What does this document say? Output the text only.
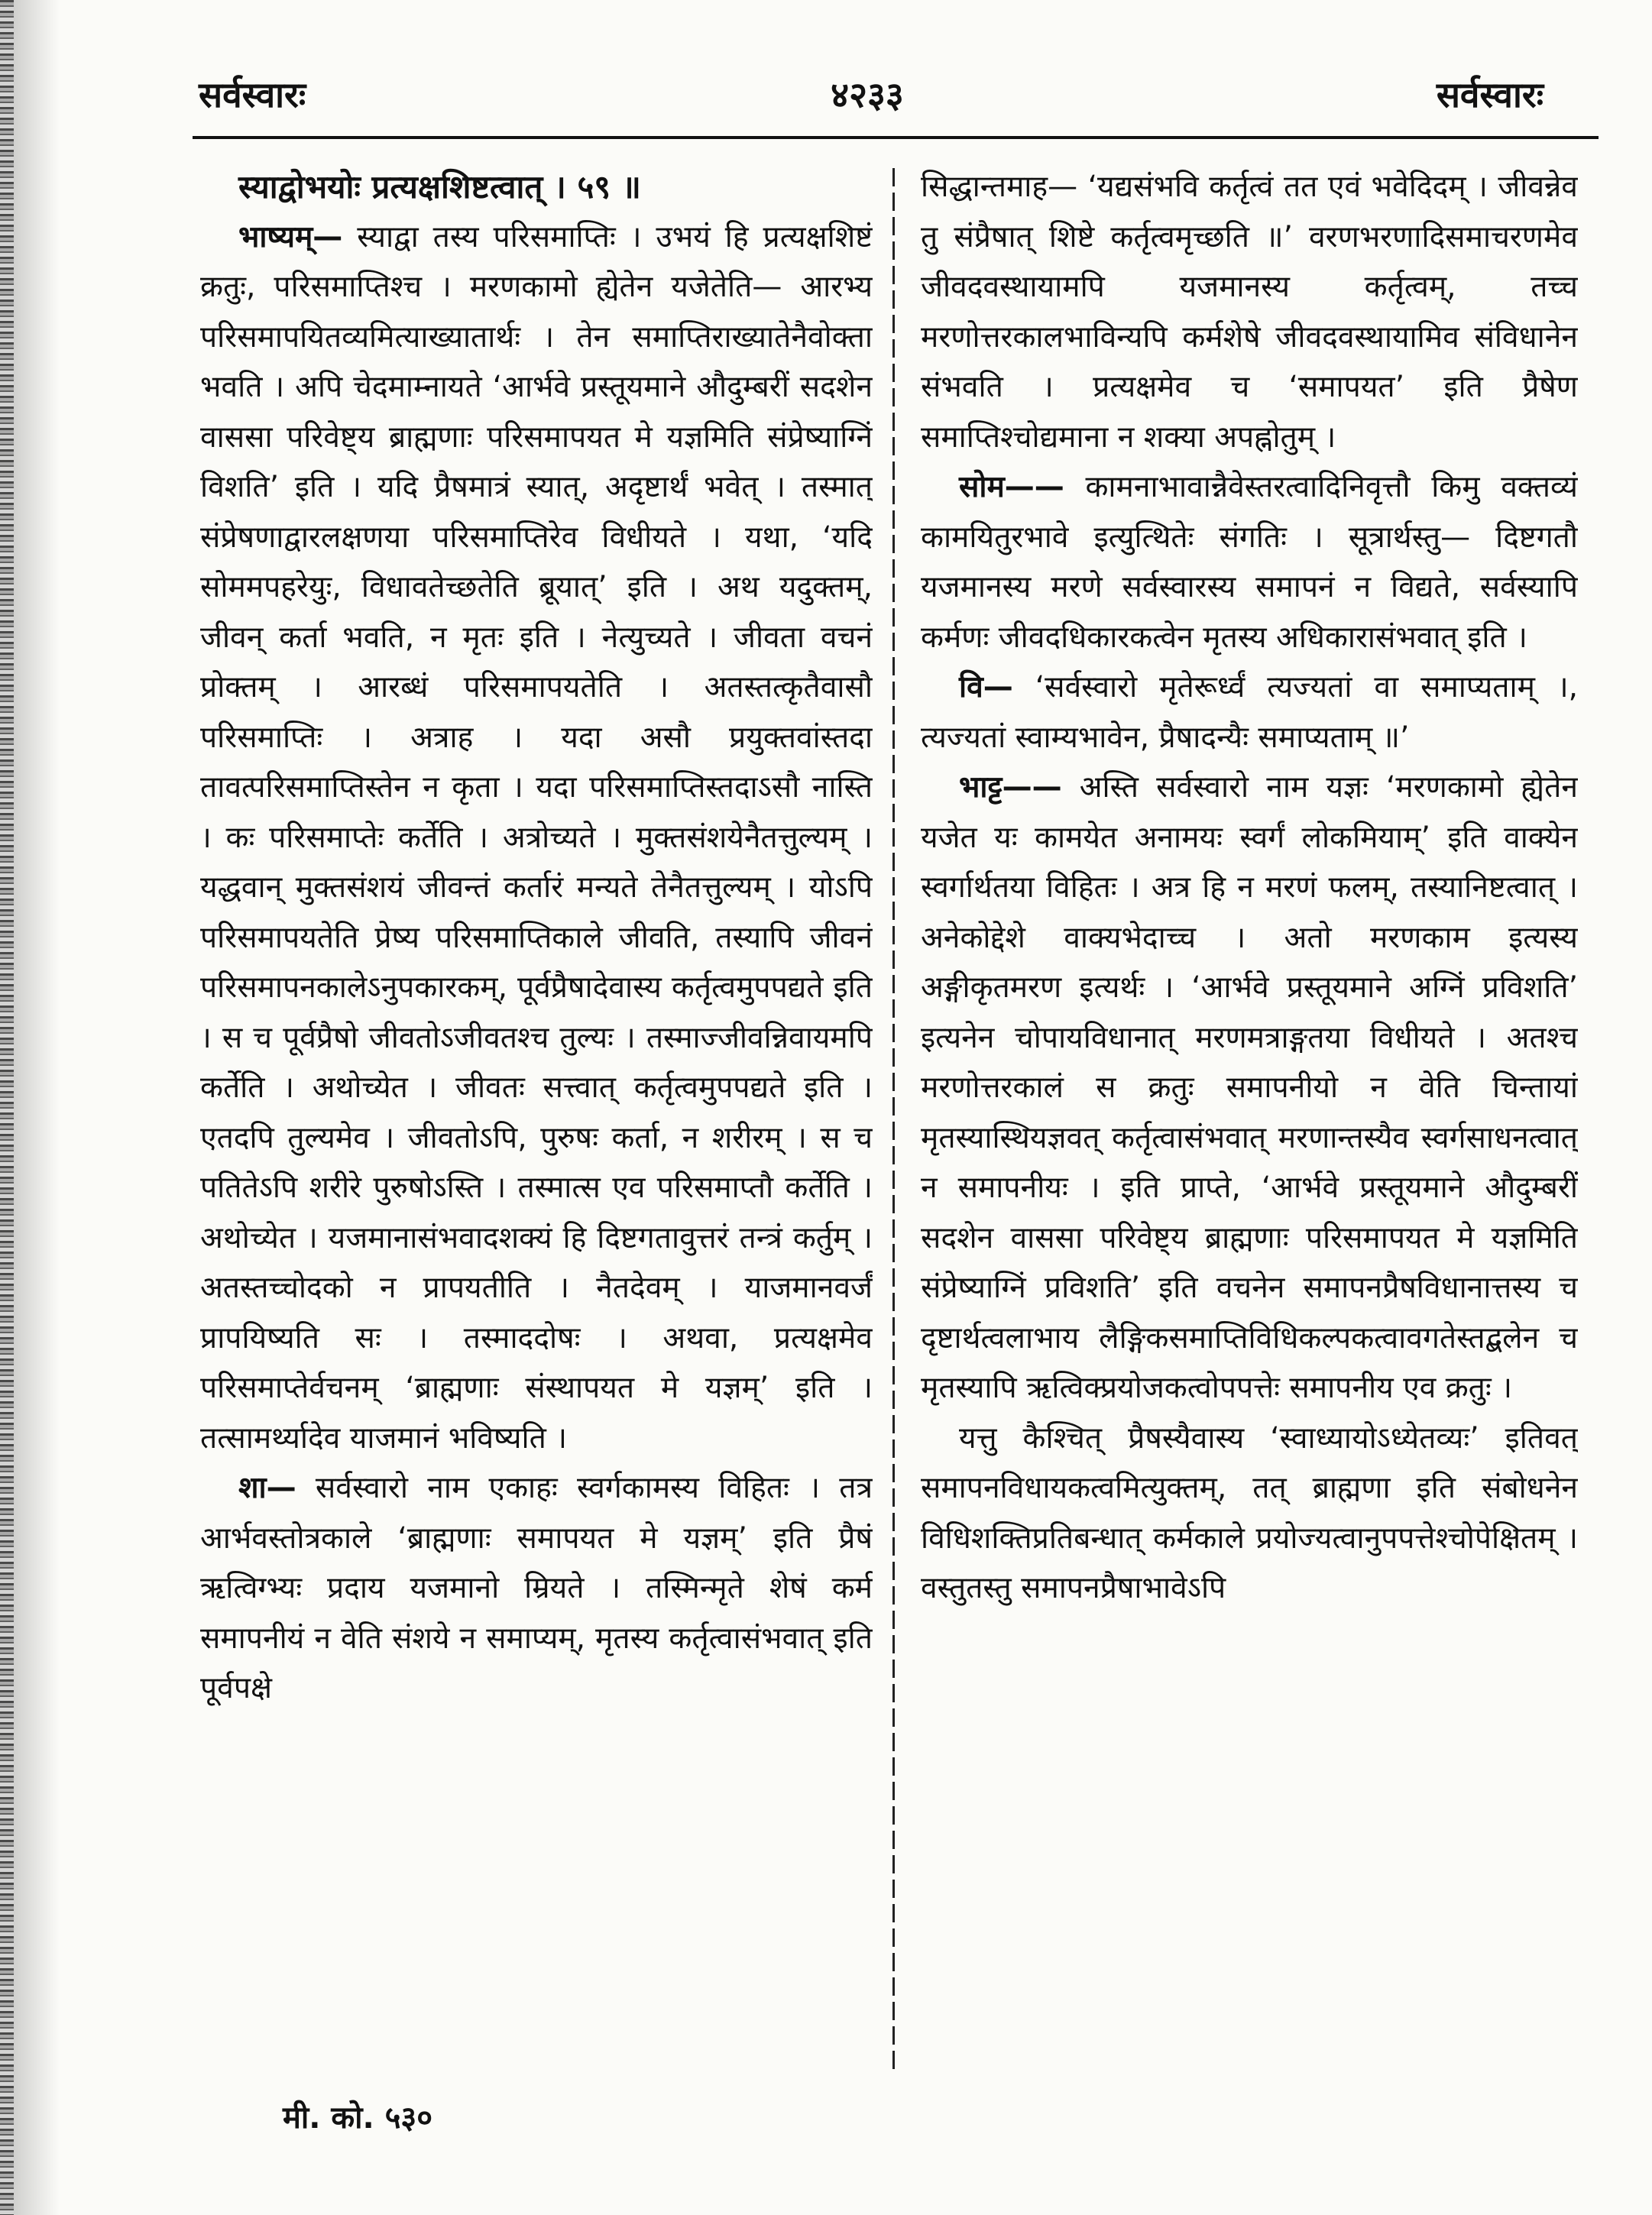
सर्वस्वारः	४२३३	सर्वस्वारः

स्याद्वोभयोः प्रत्यक्षशिष्टत्वात् । ५९ ॥

भाष्यम्— स्याद्वा तस्य परिसमाप्तिः । उभयं हि प्रत्यक्षशिष्टं क्रतुः, परिसमाप्तिश्च । मरणकामो ह्येतेन यजेतेति— आरभ्य परिसमापयितव्यमित्याख्यातार्थः । तेन समाप्तिराख्यातेनैवोक्ता भवति । अपि चेदमाम्नायते ‘आर्भवे प्रस्तूयमाने औदुम्बरीं सदशेन वाससा परिवेष्ट्य ब्राह्मणाः परिसमापयत मे यज्ञमिति संप्रेष्याग्निं विशति’ इति । यदि प्रैषमात्रं स्यात्, अदृष्टार्थं भवेत् । तस्मात् संप्रेषणाद्वारलक्षणया परिसमाप्तिरेव विधीयते । यथा, ‘यदि सोममपहरेयुः, विधावतेच्छतेति ब्रूयात्’ इति । अथ यदुक्तम्, जीवन् कर्ता भवति, न मृतः इति । नेत्युच्यते । जीवता वचनं प्रोक्तम् । आरब्धं परिसमापयतेति । अतस्तत्कृतैवासौ परिसमाप्तिः । अत्राह । यदा असौ प्रयुक्तवांस्तदा तावत्परिसमाप्तिस्तेन न कृता । यदा परिसमाप्तिस्तदाऽसौ नास्ति । कः परिसमाप्तेः कर्तेति । अत्रोच्यते । मुक्तसंशयेनैतत्तुल्यम् । यद्धवान् मुक्तसंशयं जीवन्तं कर्तारं मन्यते तेनैतत्तुल्यम् । योऽपि परिसमापयतेति प्रेष्य परिसमाप्तिकाले जीवति, तस्यापि जीवनं परिसमापनकालेऽनुपकारकम्, पूर्वप्रैषादेवास्य कर्तृत्वमुपपद्यते इति । स च पूर्वप्रैषो जीवतोऽजीवतश्च तुल्यः । तस्माज्जीवन्निवायमपि कर्तेति । अथोच्येत । जीवतः सत्त्वात् कर्तृत्वमुपपद्यते इति । एतदपि तुल्यमेव । जीवतोऽपि, पुरुषः कर्ता, न शरीरम् । स च पतितेऽपि शरीरे पुरुषोऽस्ति । तस्मात्स एव परिसमाप्तौ कर्तेति । अथोच्येत । यजमानासंभवादशक्यं हि दिष्टगतावुत्तरं तन्त्रं कर्तुम् । अतस्तच्चोदको न प्रापयतीति । नैतदेवम् । याजमानवर्जं प्रापयिष्यति सः । तस्माददोषः । अथवा, प्रत्यक्षमेव परिसमाप्तेर्वचनम् ‘ब्राह्मणाः संस्थापयत मे यज्ञम्’ इति । तत्सामर्थ्यादेव याजमानं भविष्यति ।

शा— सर्वस्वारो नाम एकाहः स्वर्गकामस्य विहितः । तत्र आर्भवस्तोत्रकाले ‘ब्राह्मणाः समापयत मे यज्ञम्’ इति प्रैषं ऋत्विग्भ्यः प्रदाय यजमानो म्रियते । तस्मिन्मृते शेषं कर्म समापनीयं न वेति संशये न समाप्यम्, मृतस्य कर्तृत्वासंभवात् इति पूर्वपक्षे

सिद्धान्तमाह— ‘यद्यसंभवि कर्तृत्वं तत एवं भवेदिदम् । जीवन्नेव तु संप्रैषात् शिष्टे कर्तृत्वमृच्छति ॥’ वरणभरणादिसमाचरणमेव जीवदवस्थायामपि यजमानस्य कर्तृत्वम्, तच्च मरणोत्तरकालभाविन्यपि कर्मशेषे जीवदवस्थायामिव संविधानेन संभवति । प्रत्यक्षमेव च ‘समापयत’ इति प्रैषेण समाप्तिश्चोद्यमाना न शक्या अपह्नोतुम् ।

सोम—— कामनाभावान्नैवेस्तरत्वादिनिवृत्तौ किमु वक्तव्यं कामयितुरभावे इत्युत्थितेः संगतिः । सूत्रार्थस्तु— दिष्टगतौ यजमानस्य मरणे सर्वस्वारस्य समापनं न विद्यते, सर्वस्यापि कर्मणः जीवदधिकारकत्वेन मृतस्य अधिकारासंभवात् इति ।

वि— ‘सर्वस्वारो मृतेरूर्ध्वं त्यज्यतां वा समाप्यताम् ।, त्यज्यतां स्वाम्यभावेन, प्रैषादन्यैः समाप्यताम् ॥’

भाट्ट—— अस्ति सर्वस्वारो नाम यज्ञः ‘मरणकामो ह्येतेन यजेत यः कामयेत अनामयः स्वर्गं लोकमियाम्’ इति वाक्येन स्वर्गार्थतया विहितः । अत्र हि न मरणं फलम्, तस्यानिष्टत्वात् । अनेकोद्देशे वाक्यभेदाच्च । अतो मरणकाम इत्यस्य अङ्गीकृतमरण इत्यर्थः । ‘आर्भवे प्रस्तूयमाने अग्निं प्रविशति’ इत्यनेन चोपायविधानात् मरणमत्राङ्गतया विधीयते । अतश्च मरणोत्तरकालं स क्रतुः समापनीयो न वेति चिन्तायां मृतस्यास्थियज्ञवत् कर्तृत्वासंभवात् मरणान्तस्यैव स्वर्गसाधनत्वात् न समापनीयः । इति प्राप्ते, ‘आर्भवे प्रस्तूयमाने औदुम्बरीं सदशेन वाससा परिवेष्ट्य ब्राह्मणाः परिसमापयत मे यज्ञमिति संप्रेष्याग्निं प्रविशति’ इति वचनेन समापनप्रैषविधानात्तस्य च दृष्टार्थत्वलाभाय लैङ्गिकसमाप्तिविधिकल्पकत्वावगतेस्तद्बलेन च मृतस्यापि ऋत्विक्प्रयोजकत्वोपपत्तेः समापनीय एव क्रतुः ।

यत्तु कैश्चित् प्रैषस्यैवास्य ‘स्वाध्यायोऽध्येतव्यः’ इतिवत् समापनविधायकत्वमित्युक्तम्, तत् ब्राह्मणा इति संबोधनेन विधिशक्तिप्रतिबन्धात् कर्मकाले प्रयोज्यत्वानुपपत्तेश्चोपेक्षितम् । वस्तुतस्तु समापनप्रैषाभावेऽपि

मी. को. ५३०
